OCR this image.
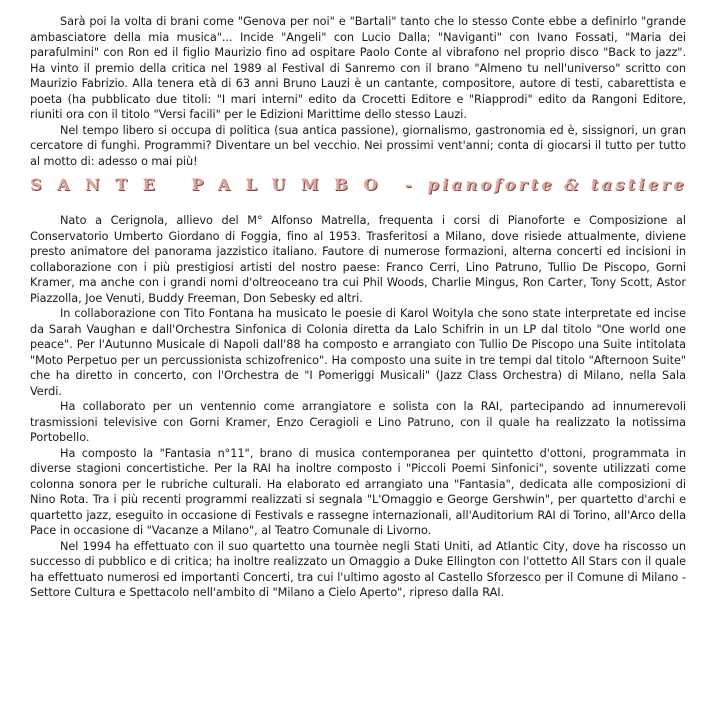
Sarà poi la volta di brani come "Genova per noi" e "Bartali" tanto che lo stesso Conte ebbe a definirlo "grande ambasciatore della mia musica"... Incide "Angeli" con Lucio Dalla; "Naviganti" con Ivano Fossati, "Maria dei parafulmini" con Ron ed il figlio Maurizio fino ad ospitare Paolo Conte al vibrafono nel proprio disco "Back to jazz". Ha vinto il premio della critica nel 1989 al Festival di Sanremo con il brano "Almeno tu nell'universo" scritto con Maurizio Fabrizio. Alla tenera età di 63 anni Bruno Lauzi è un cantante, compositore, autore di testi, cabarettista e poeta (ha pubblicato due titoli: "I mari interni" edito da Crocetti Editore e "Riapprodi" edito da Rangoni Editore, riuniti ora con il titolo "Versi facili" per le Edizioni Marittime dello stesso Lauzi.

Nel tempo libero si occupa di politica (sua antica passione), giornalismo, gastronomia ed è, sissignori, un gran cercatore di funghi. Programmi? Diventare un bel vecchio. Nei prossimi vent'anni; conta di giocarsi il tutto per tutto al motto di: adesso o mai più!

SANTE PALUMBO - pianoforte & tastiere

Nato a Cerignola, allievo del M° Alfonso Matrella, frequenta i corsi di Pianoforte e Composizione al Conservatorio Umberto Giordano di Foggia, fino al 1953. Trasferitosi a Milano, dove risiede attualmente, diviene presto animatore del panorama jazzistico italiano. Fautore di numerose formazioni, alterna concerti ed incisioni in collaborazione con i più prestigiosi artisti del nostro paese: Franco Cerri, Lino Patruno, Tullio De Piscopo, Gorni Kramer, ma anche con i grandi nomi d'oltreoceano tra cui Phil Woods, Charlie Mingus, Ron Carter, Tony Scott, Astor Piazzolla, Joe Venuti, Buddy Freeman, Don Sebesky ed altri.

In collaborazione con Tito Fontana ha musicato le poesie di Karol Woityla che sono state interpretate ed incise da Sarah Vaughan e dall'Orchestra Sinfonica di Colonia diretta da Lalo Schifrin in un LP dal titolo "One world one peace". Per l'Autunno Musicale di Napoli dall'88 ha composto e arrangiato con Tullio De Piscopo una Suite intitolata "Moto Perpetuo per un percussionista schizofrenico". Ha composto una suite in tre tempi dal titolo "Afternoon Suite" che ha diretto in concerto, con l'Orchestra de "I Pomeriggi Musicali" (Jazz Class Orchestra) di Milano, nella Sala Verdi.

Ha collaborato per un ventennio come arrangiatore e solista con la RAI, partecipando ad innumerevoli trasmissioni televisive con Gorni Kramer, Enzo Ceragioli e Lino Patruno, con il quale ha realizzato la notissima Portobello.

Ha composto la "Fantasia n°11", brano di musica contemporanea per quintetto d'ottoni, programmata in diverse stagioni concertistiche. Per la RAI ha inoltre composto i "Piccoli Poemi Sinfonici", sovente utilizzati come colonna sonora per le rubriche culturali. Ha elaborato ed arrangiato una "Fantasia", dedicata alle composizioni di Nino Rota. Tra i più recenti programmi realizzati si segnala "L'Omaggio e George Gershwin", per quartetto d'archi e quartetto jazz, eseguito in occasione di Festivals e rassegne internazionali, all'Auditorium RAI di Torino, all'Arco della Pace in occasione di "Vacanze a Milano", al Teatro Comunale di Livorno.

Nel 1994 ha effettuato con il suo quartetto una tournèe negli Stati Uniti, ad Atlantic City, dove ha riscosso un successo di pubblico e di critica; ha inoltre realizzato un Omaggio a Duke Ellington con l'ottetto All Stars con il quale ha effettuato numerosi ed importanti Concerti, tra cui l'ultimo agosto al Castello Sforzesco per il Comune di Milano - Settore Cultura e Spettacolo nell'ambito di "Milano a Cielo Aperto", ripreso dalla RAI.
